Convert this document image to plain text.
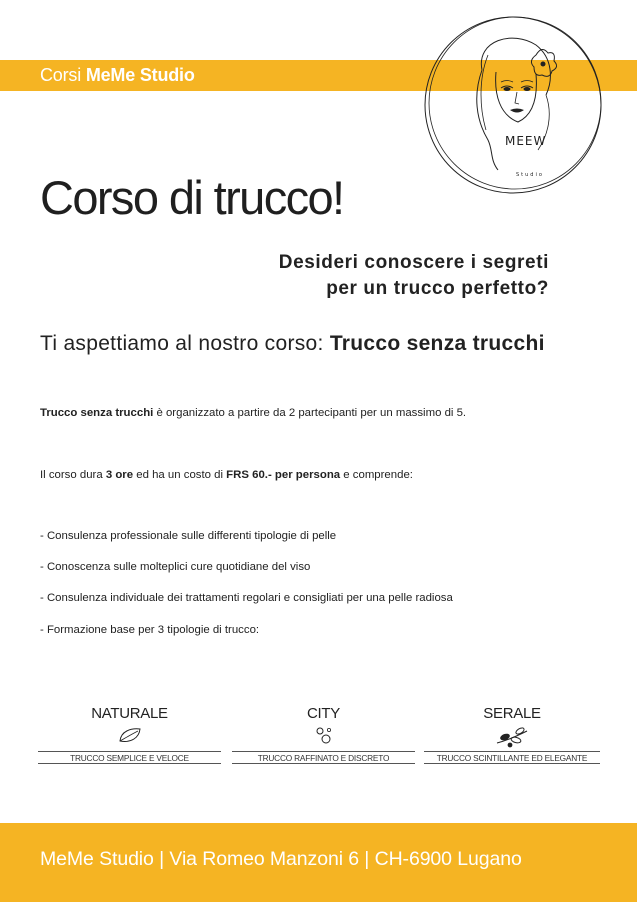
Corsi MeMe Studio
MEEW
Studio
Corso di trucco!
Desideri conoscere i segreti
per un trucco perfetto?
Ti aspettiamo al nostro corso: Trucco senza trucchi
Trucco senza trucchi è organizzato a partire da 2 partecipanti per un massimo di 5.
Il corso dura 3 ore ed ha un costo di FRS 60.- per persona e comprende:
- Consulenza professionale sulle differenti tipologie di pelle
- Conoscenza sulle molteplici cure quotidiane del viso
- Consulenza individuale dei trattamenti regolari e consigliati per una pelle radiosa
- Formazione base per 3 tipologie di trucco:
NATURALE
TRUCCO SEMPLICE E VELOCE
CITY
TRUCCO RAFFINATO E DISCRETO
SERALE
TRUCCO SCINTILLANTE ED ELEGANTE
MeMe Studio | Via Romeo Manzoni 6 | CH-6900 Lugano
